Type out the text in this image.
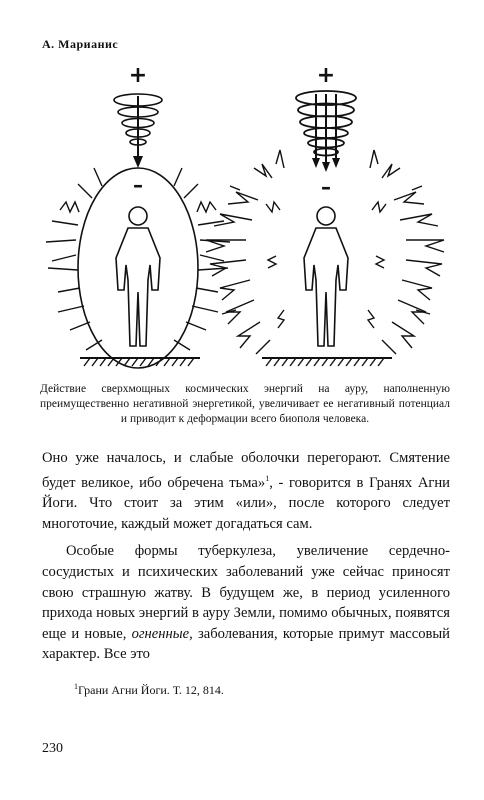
А. Марианис
+
–
+
–
Действие сверхмощных космических энергий на ауру, наполненную преимущественно негативной энергетикой, увеличивает ее негативный потенциал и приводит к деформации всего биополя человека.

Оно уже началось, и слабые оболочки перегорают. Смятение будет великое, ибо обречена тьма»$^1$, - говорится в Гранях Агни Йоги. Что стоит за этим «или», после которого следует многоточие, каждый может догадаться сам.

Особые формы туберкулеза, увеличение сердечно-сосудистых и психических заболеваний уже сейчас приносят свою страшную жатву. В будущем же, в период усиленного прихода новых энергий в ауру Земли, помимо обычных, появятся еще и новые, огненные, заболевания, которые примут массовый характер. Все это

$^1$Грани Агни Йоги. Т. 12, 814.
230
